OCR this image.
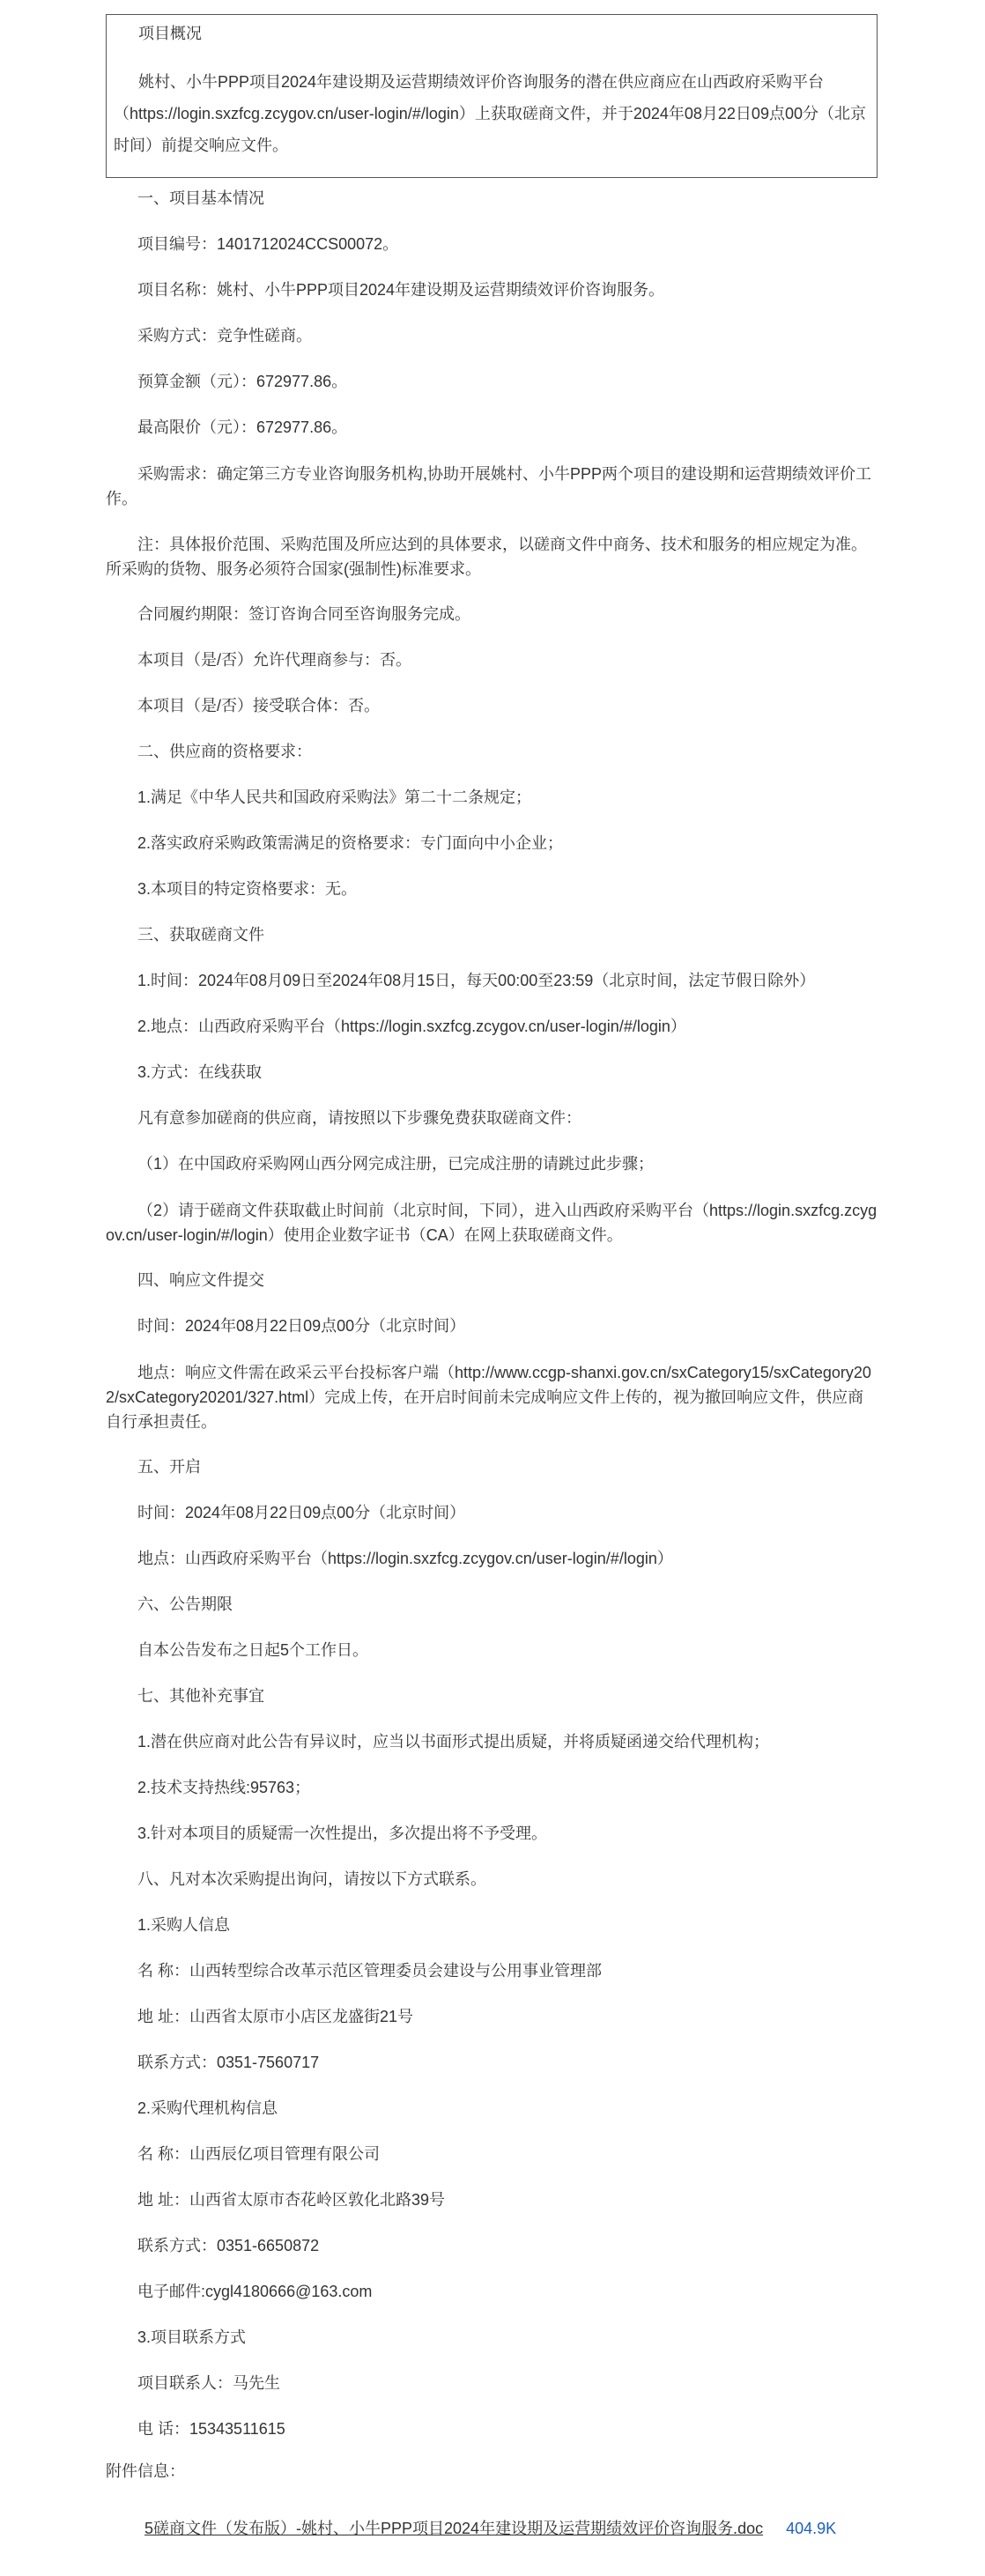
项目概况

姚村、小牛PPP项目2024年建设期及运营期绩效评价咨询服务的潜在供应商应在山西政府采购平台（https://login.sxzfcg.zcygov.cn/user-login/#/login）上获取磋商文件，并于2024年08月22日09点00分（北京时间）前提交响应文件。

一、项目基本情况

项目编号：1401712024CCS00072。

项目名称：姚村、小牛PPP项目2024年建设期及运营期绩效评价咨询服务。

采购方式：竞争性磋商。

预算金额（元）：672977.86。

最高限价（元）：672977.86。

采购需求：确定第三方专业咨询服务机构,协助开展姚村、小牛PPP两个项目的建设期和运营期绩效评价工作。

注：具体报价范围、采购范围及所应达到的具体要求，以磋商文件中商务、技术和服务的相应规定为准。所采购的货物、服务必须符合国家(强制性)标准要求。

合同履约期限：签订咨询合同至咨询服务完成。

本项目（是/否）允许代理商参与：否。

本项目（是/否）接受联合体：否。

二、供应商的资格要求：

1.满足《中华人民共和国政府采购法》第二十二条规定；

2.落实政府采购政策需满足的资格要求：专门面向中小企业；

3.本项目的特定资格要求：无。

三、获取磋商文件

1.时间：2024年08月09日至2024年08月15日，每天00:00至23:59（北京时间，法定节假日除外）

2.地点：山西政府采购平台（https://login.sxzfcg.zcygov.cn/user-login/#/login）

3.方式：在线获取

凡有意参加磋商的供应商，请按照以下步骤免费获取磋商文件：

（1）在中国政府采购网山西分网完成注册，已完成注册的请跳过此步骤；

（2）请于磋商文件获取截止时间前（北京时间，下同），进入山西政府采购平台（https://login.sxzfcg.zcygov.cn/user-login/#/login）使用企业数字证书（CA）在网上获取磋商文件。

四、响应文件提交

时间：2024年08月22日09点00分（北京时间）

地点：响应文件需在政采云平台投标客户端（http://www.ccgp-shanxi.gov.cn/sxCategory15/sxCategory202/sxCategory20201/327.html）完成上传，在开启时间前未完成响应文件上传的，视为撤回响应文件，供应商自行承担责任。

五、开启

时间：2024年08月22日09点00分（北京时间）

地点：山西政府采购平台（https://login.sxzfcg.zcygov.cn/user-login/#/login）

六、公告期限

自本公告发布之日起5个工作日。

七、其他补充事宜

1.潜在供应商对此公告有异议时，应当以书面形式提出质疑，并将质疑函递交给代理机构；

2.技术支持热线:95763；

3.针对本项目的质疑需一次性提出，多次提出将不予受理。

八、凡对本次采购提出询问，请按以下方式联系。

1.采购人信息

名 称：山西转型综合改革示范区管理委员会建设与公用事业管理部

地 址：山西省太原市小店区龙盛街21号

联系方式：0351-7560717

2.采购代理机构信息

名 称：山西辰亿项目管理有限公司

地 址：山西省太原市杏花岭区敦化北路39号

联系方式：0351-6650872

电子邮件:cygl4180666@163.com

3.项目联系方式

项目联系人：马先生

电 话：15343511615

附件信息：

5磋商文件（发布版）-姚村、小牛PPP项目2024年建设期及运营期绩效评价咨询服务.doc 404.9K
